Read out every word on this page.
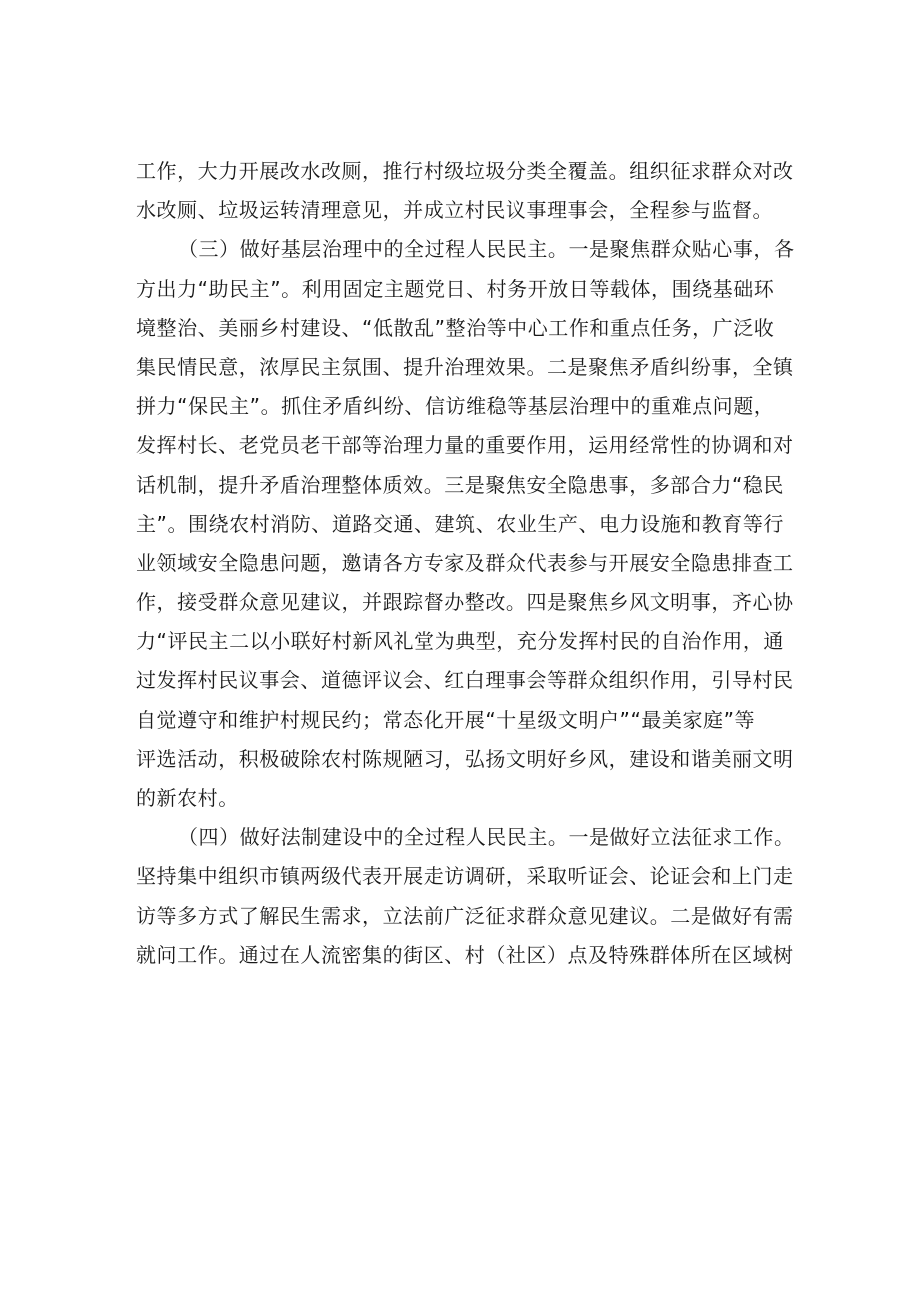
工作，大力开展改水改厕，推行村级垃圾分类全覆盖。组织征求群众对改
水改厕、垃圾运转清理意见，并成立村民议事理事会，全程参与监督。
（三）做好基层治理中的全过程人民民主。一是聚焦群众贴心事，各
方出力“助民主”。利用固定主题党日、村务开放日等载体，围绕基础环
境整治、美丽乡村建设、“低散乱”整治等中心工作和重点任务，广泛收
集民情民意，浓厚民主氛围、提升治理效果。二是聚焦矛盾纠纷事，全镇
拼力“保民主”。抓住矛盾纠纷、信访维稳等基层治理中的重难点问题，
发挥村长、老党员老干部等治理力量的重要作用，运用经常性的协调和对
话机制，提升矛盾治理整体质效。三是聚焦安全隐患事，多部合力“稳民
主”。围绕农村消防、道路交通、建筑、农业生产、电力设施和教育等行
业领域安全隐患问题，邀请各方专家及群众代表参与开展安全隐患排查工
作，接受群众意见建议，并跟踪督办整改。四是聚焦乡风文明事，齐心协
力“评民主二以小联好村新风礼堂为典型，充分发挥村民的自治作用，通
过发挥村民议事会、道德评议会、红白理事会等群众组织作用，引导村民
自觉遵守和维护村规民约；常态化开展“十星级文明户”“最美家庭”等
评选活动，积极破除农村陈规陋习，弘扬文明好乡风，建设和谐美丽文明
的新农村。
（四）做好法制建设中的全过程人民民主。一是做好立法征求工作。
坚持集中组织市镇两级代表开展走访调研，采取听证会、论证会和上门走
访等多方式了解民生需求，立法前广泛征求群众意见建议。二是做好有需
就问工作。通过在人流密集的街区、村（社区）点及特殊群体所在区域树
